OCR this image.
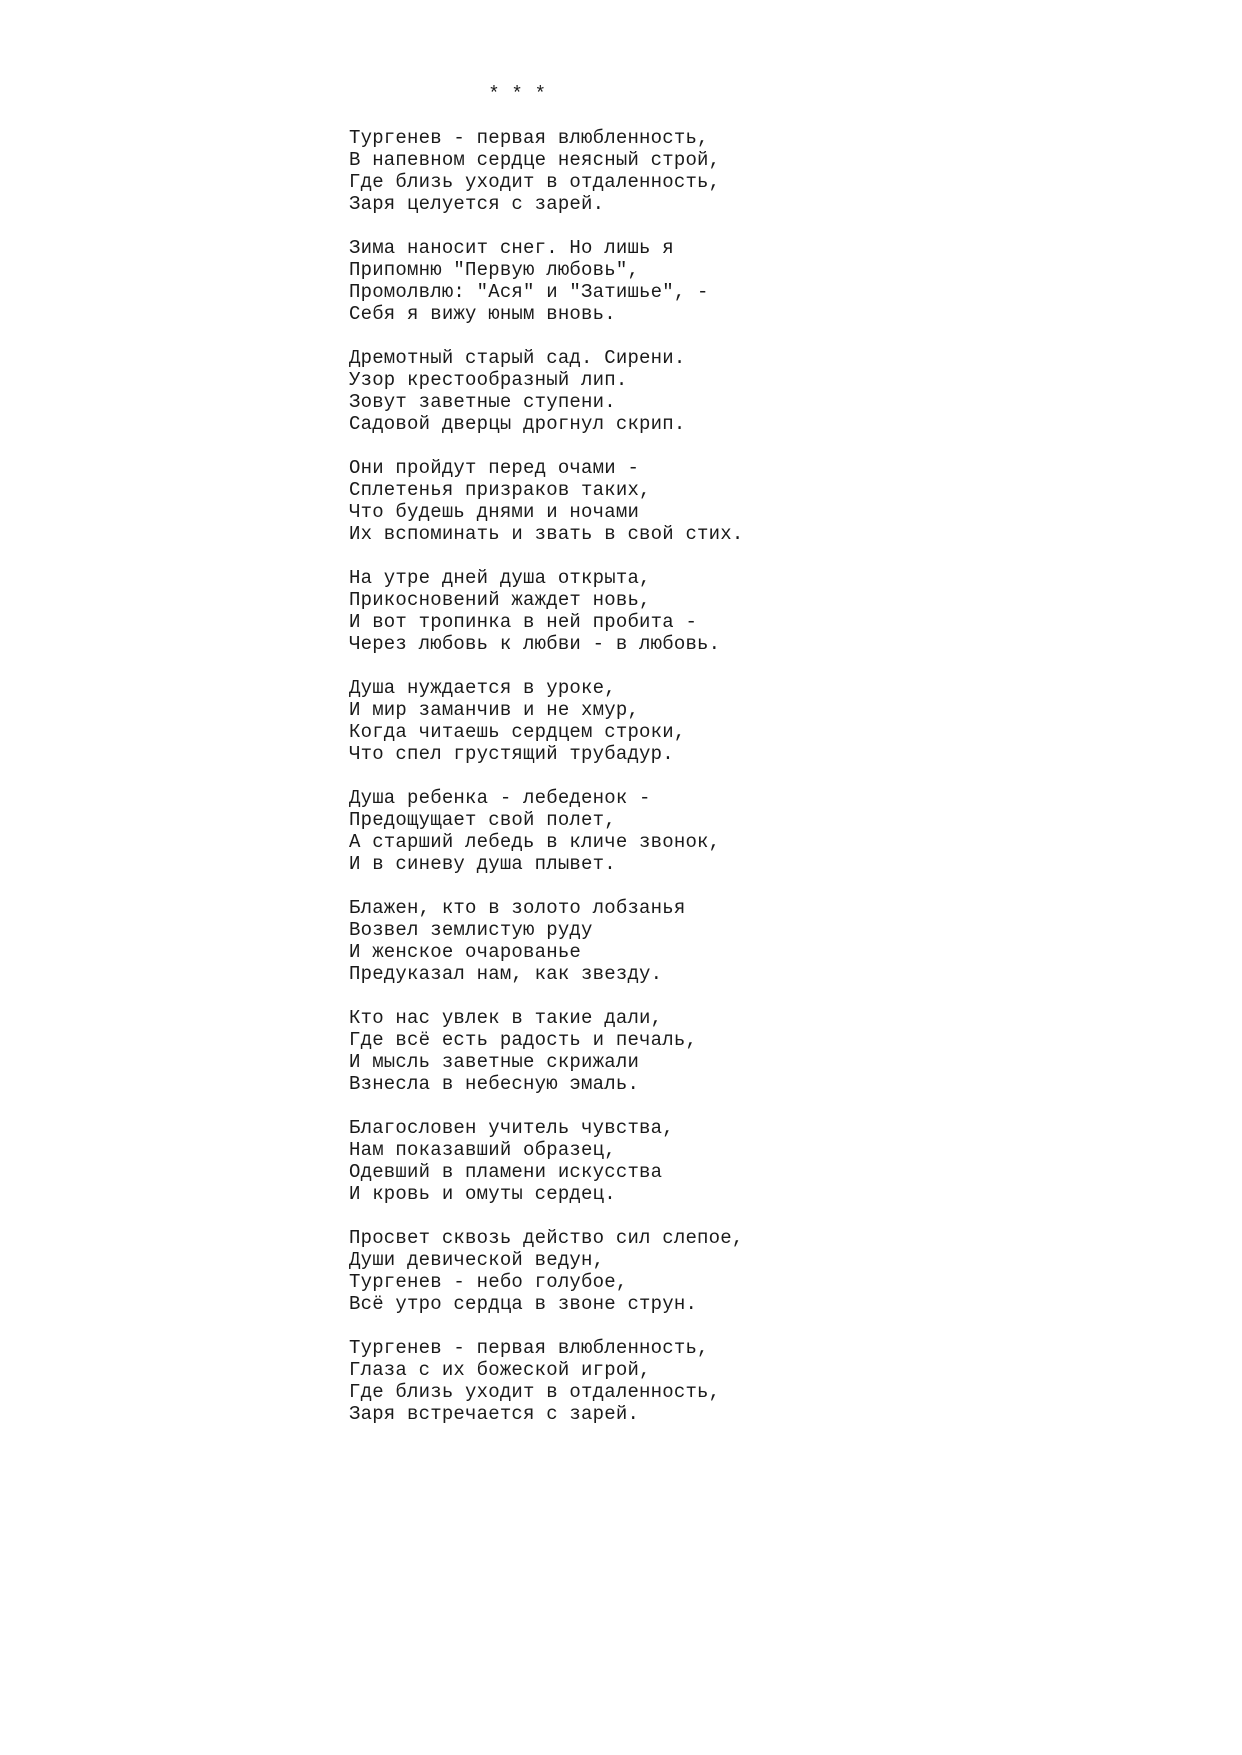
* * *
Тургенев - первая влюбленность,
В напевном сердце неясный строй,
Где близь уходит в отдаленность,
Заря целуется с зарей.
Зима наносит снег. Но лишь я
Припомню "Первую любовь",
Промолвлю: "Ася" и "Затишье", -
Себя я вижу юным вновь.
Дремотный старый сад. Сирени.
Узор крестообразный лип.
Зовут заветные ступени.
Садовой дверцы дрогнул скрип.
Они пройдут перед очами -
Сплетенья призраков таких,
Что будешь днями и ночами
Их вспоминать и звать в свой стих.
На утре дней душа открыта,
Прикосновений жаждет новь,
И вот тропинка в ней пробита -
Через любовь к любви - в любовь.
Душа нуждается в уроке,
И мир заманчив и не хмур,
Когда читаешь сердцем строки,
Что спел грустящий трубадур.
Душа ребенка - лебеденок -
Предощущает свой полет,
А старший лебедь в кличе звонок,
И в синеву душа плывет.
Блажен, кто в золото лобзанья
Возвел землистую руду
И женское очарованье
Предуказал нам, как звезду.
Кто нас увлек в такие дали,
Где всё есть радость и печаль,
И мысль заветные скрижали
Взнесла в небесную эмаль.
Благословен учитель чувства,
Нам показавший образец,
Одевший в пламени искусства
И кровь и омуты сердец.
Просвет сквозь действо сил слепое,
Души девической ведун,
Тургенев - небо голубое,
Всё утро сердца в звоне струн.
Тургенев - первая влюбленность,
Глаза с их божеской игрой,
Где близь уходит в отдаленность,
Заря встречается с зарей.
